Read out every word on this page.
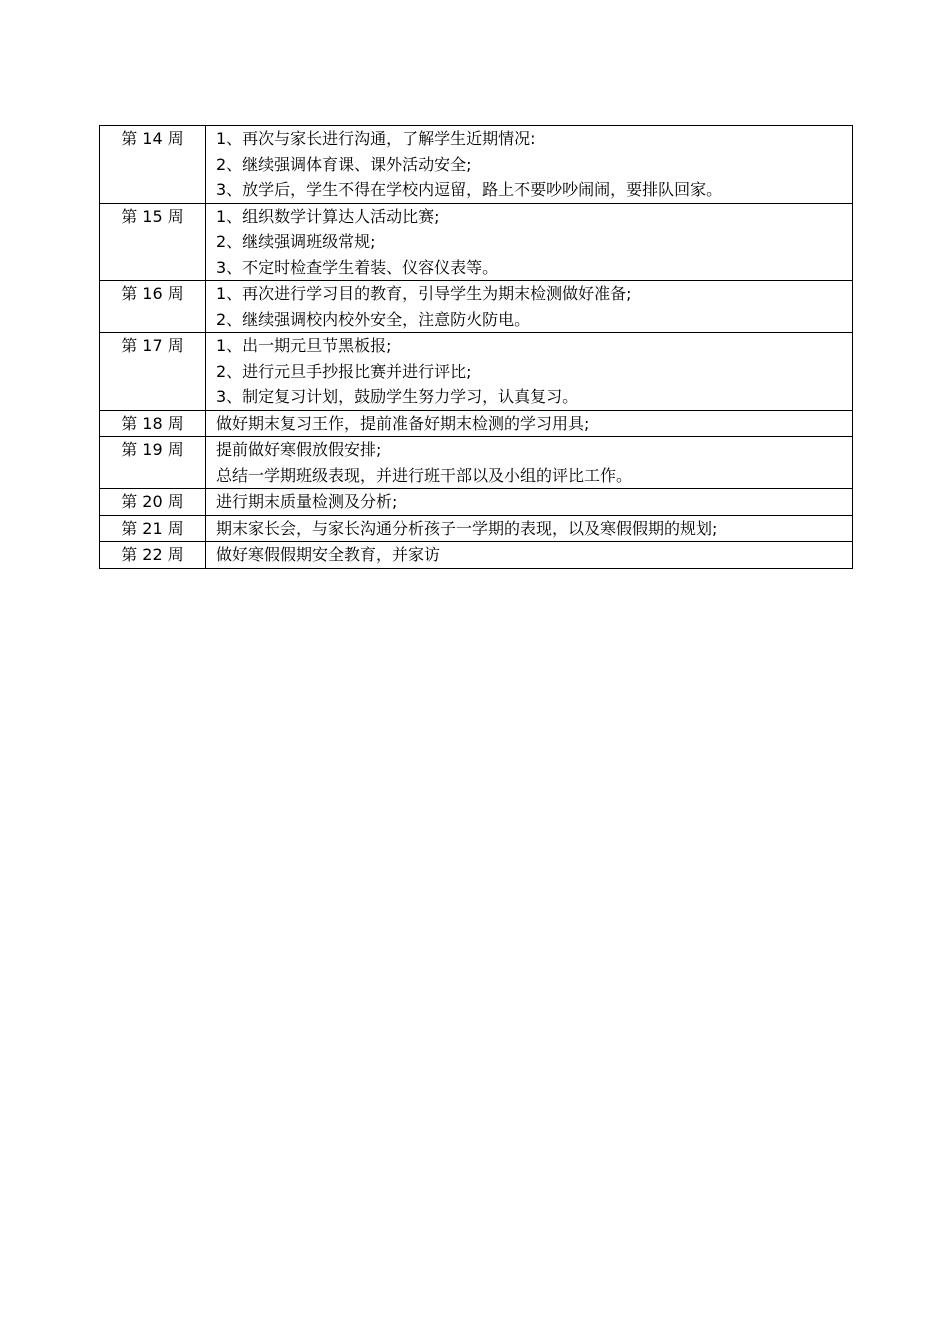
第 14 周	1、再次与家长进行沟通，了解学生近期情况:
2、继续强调体育课、课外活动安全;
3、放学后，学生不得在学校内逗留，路上不要吵吵闹闹，要排队回家。

第 15 周	1、组织数学计算达人活动比赛;
2、继续强调班级常规;
3、不定时检查学生着装、仪容仪表等。

第 16 周	1、再次进行学习目的教育，引导学生为期末检测做好准备;
2、继续强调校内校外安全，注意防火防电。

第 17 周	1、出一期元旦节黑板报;
2、进行元旦手抄报比赛并进行评比;
3、制定复习计划，鼓励学生努力学习，认真复习。

第 18 周	做好期末复习王作，提前准备好期末检测的学习用具;

第 19 周	提前做好寒假放假安排;
总结一学期班级表现，并进行班干部以及小组的评比工作。

第 20 周	进行期末质量检测及分析;

第 21 周	期末家长会，与家长沟通分析孩子一学期的表现，以及寒假假期的规划;

第 22 周	做好寒假假期安全教育，并家访
